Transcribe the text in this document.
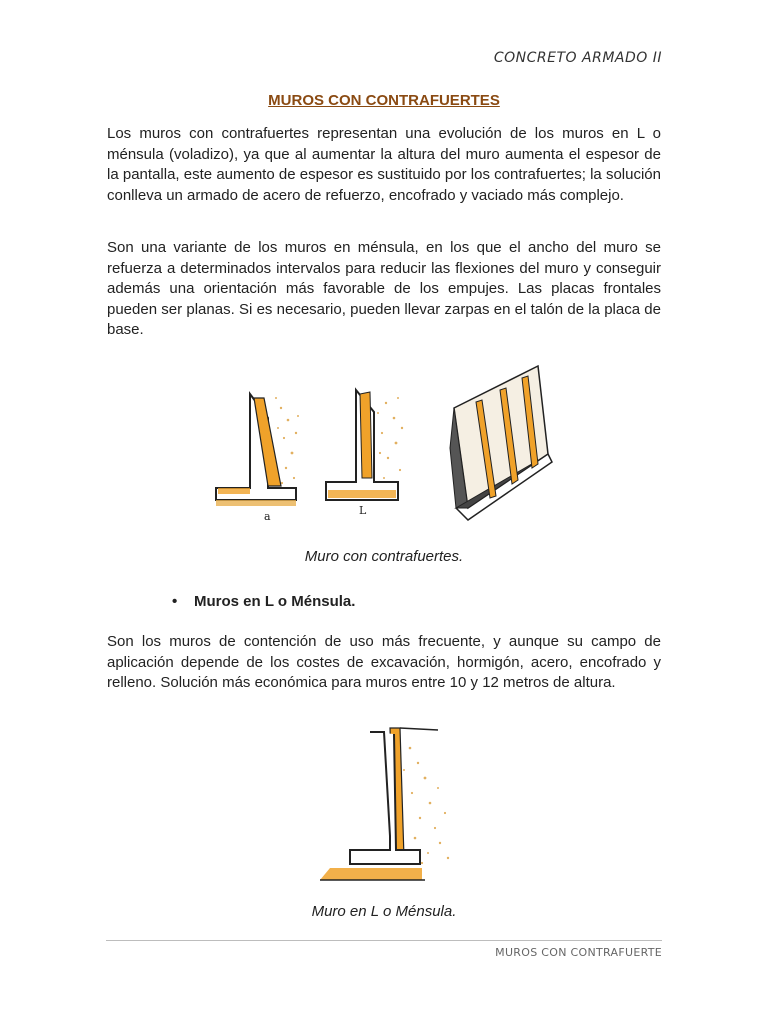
CONCRETO ARMADO II
MUROS CON CONTRAFUERTES

Los muros con contrafuertes representan una evolución de los muros en L o ménsula (voladizo), ya que al aumentar la altura del muro aumenta el espesor de la pantalla, este aumento de espesor es sustituido por los contrafuertes; la solución conlleva un armado de acero de refuerzo, encofrado y vaciado más complejo.

Son una variante de los muros en ménsula, en los que el ancho del muro se refuerza a determinados intervalos para reducir las flexiones del muro y conseguir además una orientación más favorable de los empujes. Las placas frontales pueden ser planas. Si es necesario, pueden llevar zarpas en el talón de la placa de base.

a	L
Muro con contrafuertes.
• Muros en L o Ménsula.

Son los muros de contención de uso más frecuente, y aunque su campo de aplicación depende de los costes de excavación, hormigón, acero, encofrado y relleno. Solución más económica para muros entre 10 y 12 metros de altura.

Muro en L o Ménsula.
MUROS CON CONTRAFUERTE
